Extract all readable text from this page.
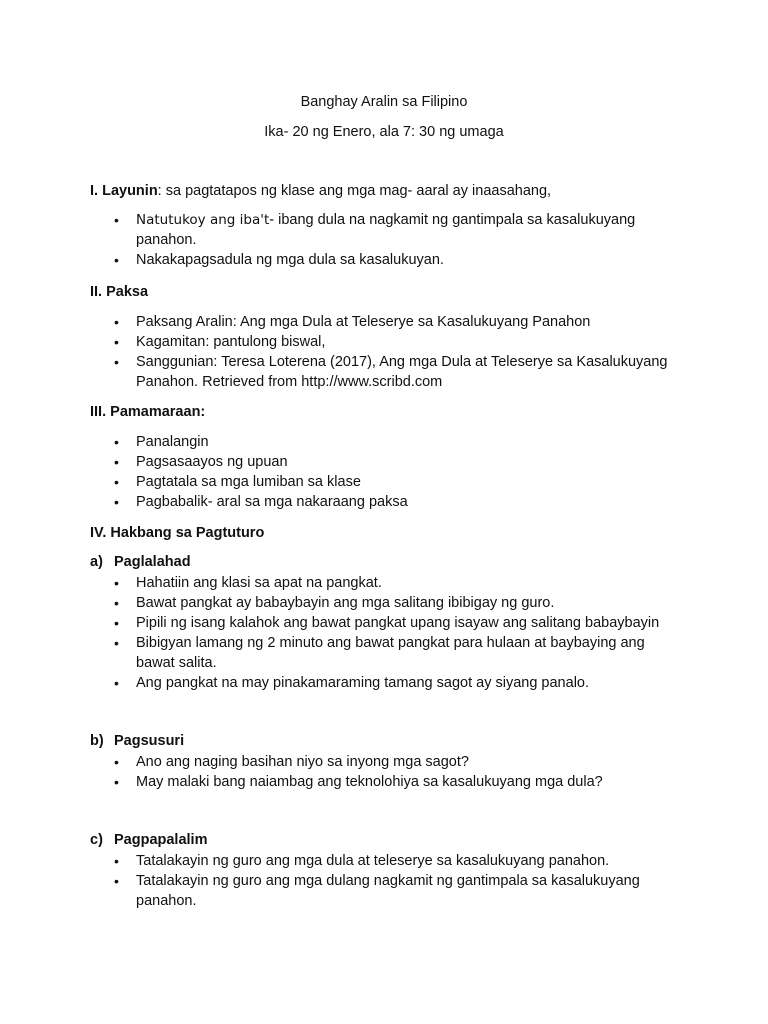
Banghay Aralin sa Filipino
Ika- 20 ng Enero, ala 7: 30 ng umaga
I. Layunin: sa pagtatapos ng klase ang mga mag- aaral ay inaasahang,
• Natutukoy ang iba't- ibang dula na nagkamit ng gantimpala sa kasalukuyang panahon.
• Nakakapagsadula ng mga dula sa kasalukuyan.
II. Paksa
• Paksang Aralin: Ang mga Dula at Teleserye sa Kasalukuyang Panahon
• Kagamitan: pantulong biswal,
• Sanggunian: Teresa Loterena (2017), Ang mga Dula at Teleserye sa Kasalukuyang Panahon. Retrieved from http://www.scribd.com
III. Pamamaraan:
• Panalangin
• Pagsasaayos ng upuan
• Pagtatala sa mga lumiban sa klase
• Pagbabalik- aral sa mga nakaraang paksa
IV. Hakbang sa Pagtuturo
a) Paglalahad
• Hahatiin ang klasi sa apat na pangkat.
• Bawat pangkat ay babaybayin ang mga salitang ibibigay ng guro.
• Pipili ng isang kalahok ang bawat pangkat upang isayaw ang salitang babaybayin
• Bibigyan lamang ng 2 minuto ang bawat pangkat para hulaan at baybaying ang bawat salita.
• Ang pangkat na may pinakamaraming tamang sagot ay siyang panalo.
b) Pagsusuri
• Ano ang naging basihan niyo sa inyong mga sagot?
• May malaki bang naiambag ang teknolohiya sa kasalukuyang mga dula?
c) Pagpapalalim
• Tatalakayin ng guro ang mga dula at teleserye sa kasalukuyang panahon.
• Tatalakayin ng guro ang mga dulang nagkamit ng gantimpala sa kasalukuyang panahon.
